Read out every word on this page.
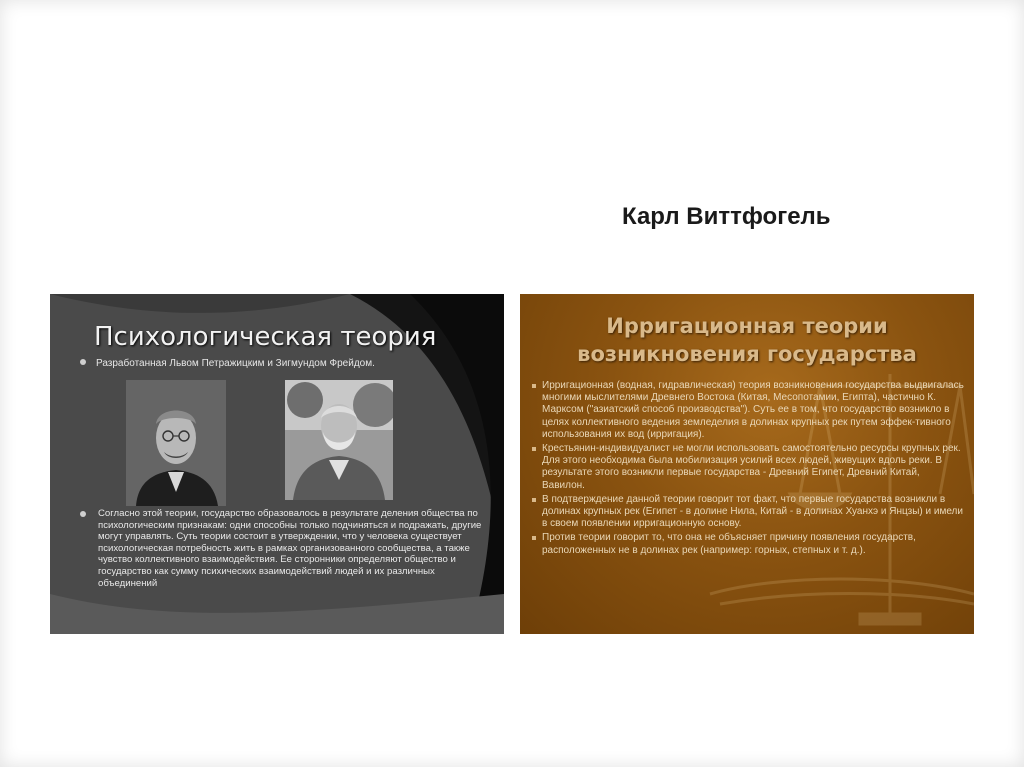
Карл Виттфогель
Психологическая теория
Разработанная Львом Петражицким и Зигмундом Фрейдом.
Согласно этой теории, государство образовалось в результате деления общества по психологическим признакам: одни способны только подчиняться и подражать, другие могут управлять. Суть теории состоит в утверждении, что у человека существует психологическая потребность жить в рамках организованного сообщества, а также чувство коллективного взаимодействия. Ее сторонники определяют общество и государство как сумму психических взаимодействий людей и их различных объединений
Ирригационная теории
возникновения государства
Ирригационная (водная, гидравлическая) теория возникновения государства выдвигалась многими мыслителями Древнего Востока (Китая, Месопотамии, Египта), частично К. Марксом ("азиатский способ производства"). Суть ее в том, что государство возникло в целях коллективного ведения земледелия в долинах крупных рек путем эффек-тивного использования их вод (ирригация).
Крестьянин-индивидуалист не могли использовать самостоятельно ресурсы крупных рек. Для этого необходима была мобилизация усилий всех людей, живущих вдоль реки. В результате этого возникли первые государства - Древний Египет, Древний Китай, Вавилон.
В подтверждение данной теории говорит тот факт, что первые государства возникли в долинах крупных рек (Египет - в долине Нила, Китай - в долинах Хуанхэ и Янцзы) и имели в своем появлении ирригационную основу.
Против теории говорит то, что она не объясняет причину появления государств, расположенных не в долинах рек (например: горных, степных и т. д.).
